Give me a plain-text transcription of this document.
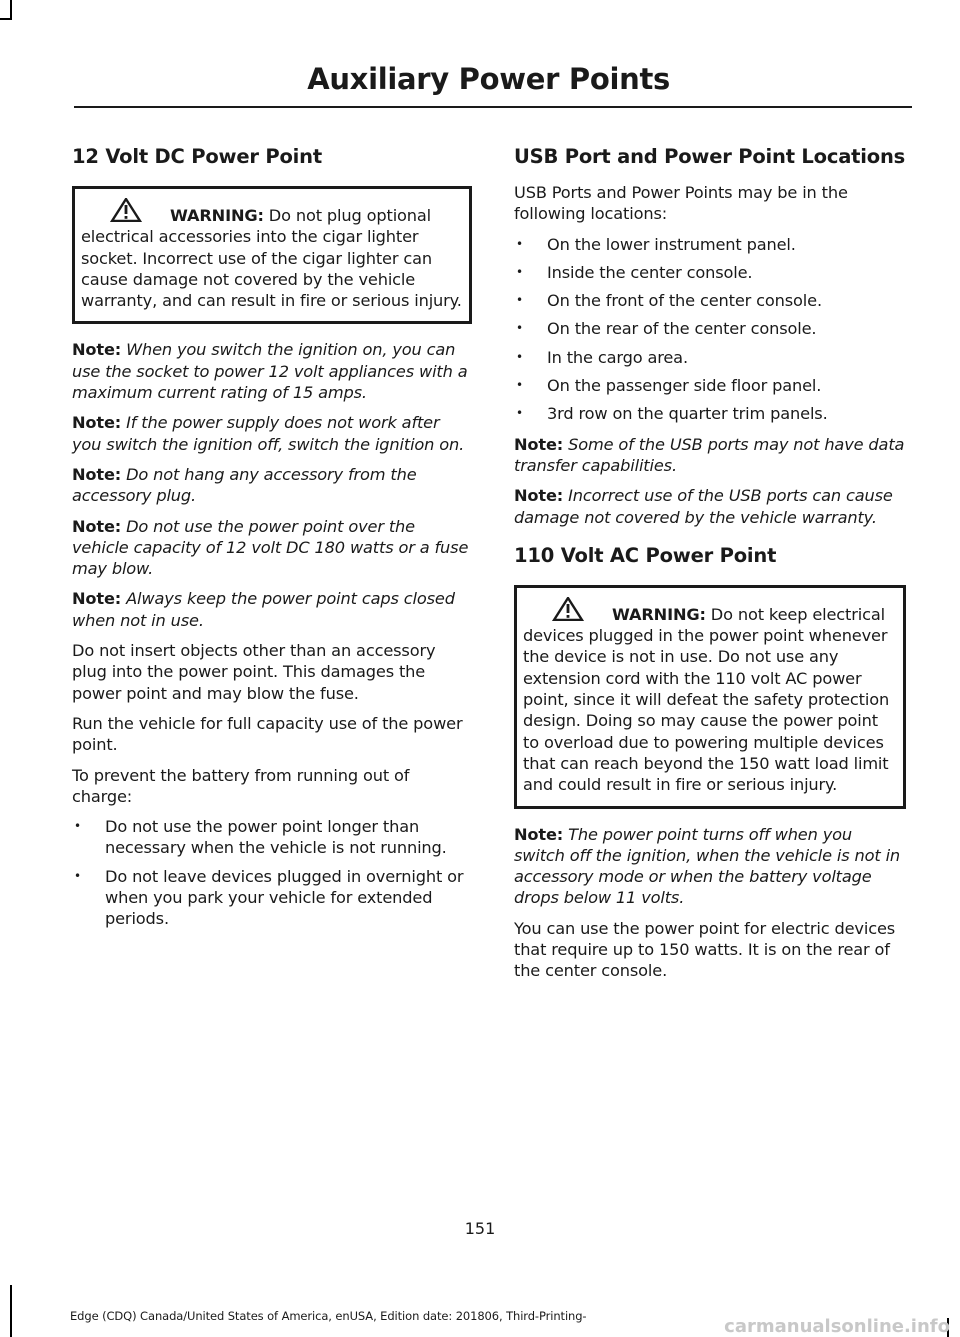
Auxiliary Power Points
12 Volt DC Power Point
WARNING: Do not plug optional electrical accessories into the cigar lighter socket. Incorrect use of the cigar lighter can cause damage not covered by the vehicle warranty, and can result in fire or serious injury.

Note: When you switch the ignition on, you can use the socket to power 12 volt appliances with a maximum current rating of 15 amps.

Note: If the power supply does not work after you switch the ignition off, switch the ignition on.

Note: Do not hang any accessory from the accessory plug.

Note: Do not use the power point over the vehicle capacity of 12 volt DC 180 watts or a fuse may blow.

Note: Always keep the power point caps closed when not in use.

Do not insert objects other than an accessory plug into the power point. This damages the power point and may blow the fuse.

Run the vehicle for full capacity use of the power point.

To prevent the battery from running out of charge:

• Do not use the power point longer than necessary when the vehicle is not running.
• Do not leave devices plugged in overnight or when you park your vehicle for extended periods.
USB Port and Power Point Locations

USB Ports and Power Points may be in the following locations:

• On the lower instrument panel.
• Inside the center console.
• On the front of the center console.
• On the rear of the center console.
• In the cargo area.
• On the passenger side floor panel.
• 3rd row on the quarter trim panels.

Note: Some of the USB ports may not have data transfer capabilities.

Note: Incorrect use of the USB ports can cause damage not covered by the vehicle warranty.

110 Volt AC Power Point
WARNING: Do not keep electrical devices plugged in the power point whenever the device is not in use. Do not use any extension cord with the 110 volt AC power point, since it will defeat the safety protection design. Doing so may cause the power point to overload due to powering multiple devices that can reach beyond the 150 watt load limit and could result in fire or serious injury.

Note: The power point turns off when you switch off the ignition, when the vehicle is not in accessory mode or when the battery voltage drops below 11 volts.

You can use the power point for electric devices that require up to 150 watts. It is on the rear of the center console.

151
Edge (CDQ) Canada/United States of America, enUSA, Edition date: 201806, Third-Printing-	carmanualsonline.info
